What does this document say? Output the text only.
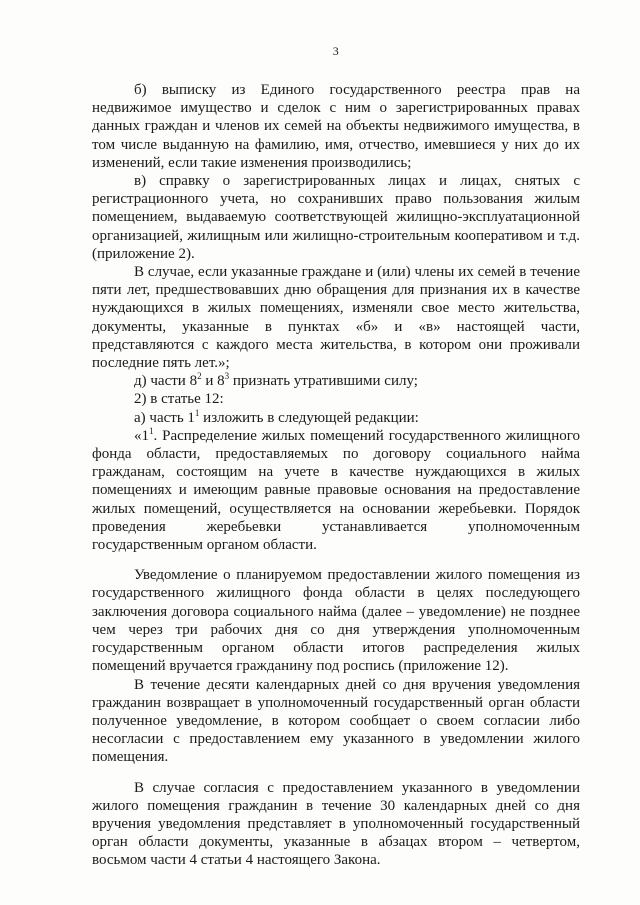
3

б) выписку из Единого государственного реестра прав на недвижимое имущество и сделок с ним о зарегистрированных правах данных граждан и членов их семей на объекты недвижимого имущества, в том числе выданную на фамилию, имя, отчество, имевшиеся у них до их изменений, если такие изменения производились;

в) справку о зарегистрированных лицах и лицах, снятых с регистрационного учета, но сохранивших право пользования жилым помещением, выдаваемую соответствующей жилищно-эксплуатационной организацией, жилищным или жилищно-строительным кооперативом и т.д. (приложение 2).

В случае, если указанные граждане и (или) члены их семей в течение пяти лет, предшествовавших дню обращения для признания их в качестве нуждающихся в жилых помещениях, изменяли свое место жительства, документы, указанные в пунктах «б» и «в» настоящей части, представляются с каждого места жительства, в котором они проживали последние пять лет.»;

д) части $8^2$ и $8^3$ признать утратившими силу;

2) в статье 12:

а) часть $1^1$ изложить в следующей редакции:

«$1^1$. Распределение жилых помещений государственного жилищного фонда области, предоставляемых по договору социального найма гражданам, состоящим на учете в качестве нуждающихся в жилых помещениях и имеющим равные правовые основания на предоставление жилых помещений, осуществляется на основании жеребьевки. Порядок проведения жеребьевки устанавливается уполномоченным государственным органом области.

Уведомление о планируемом предоставлении жилого помещения из государственного жилищного фонда области в целях последующего заключения договора социального найма (далее – уведомление) не позднее чем через три рабочих дня со дня утверждения уполномоченным государственным органом области итогов распределения жилых помещений вручается гражданину под роспись (приложение 12).

В течение десяти календарных дней со дня вручения уведомления гражданин возвращает в уполномоченный государственный орган области полученное уведомление, в котором сообщает о своем согласии либо несогласии с предоставлением ему указанного в уведомлении жилого помещения.

В случае согласия с предоставлением указанного в уведомлении жилого помещения гражданин в течение 30 календарных дней со дня вручения уведомления представляет в уполномоченный государственный орган области документы, указанные в абзацах втором – четвертом, восьмом части 4 статьи 4 настоящего Закона.
